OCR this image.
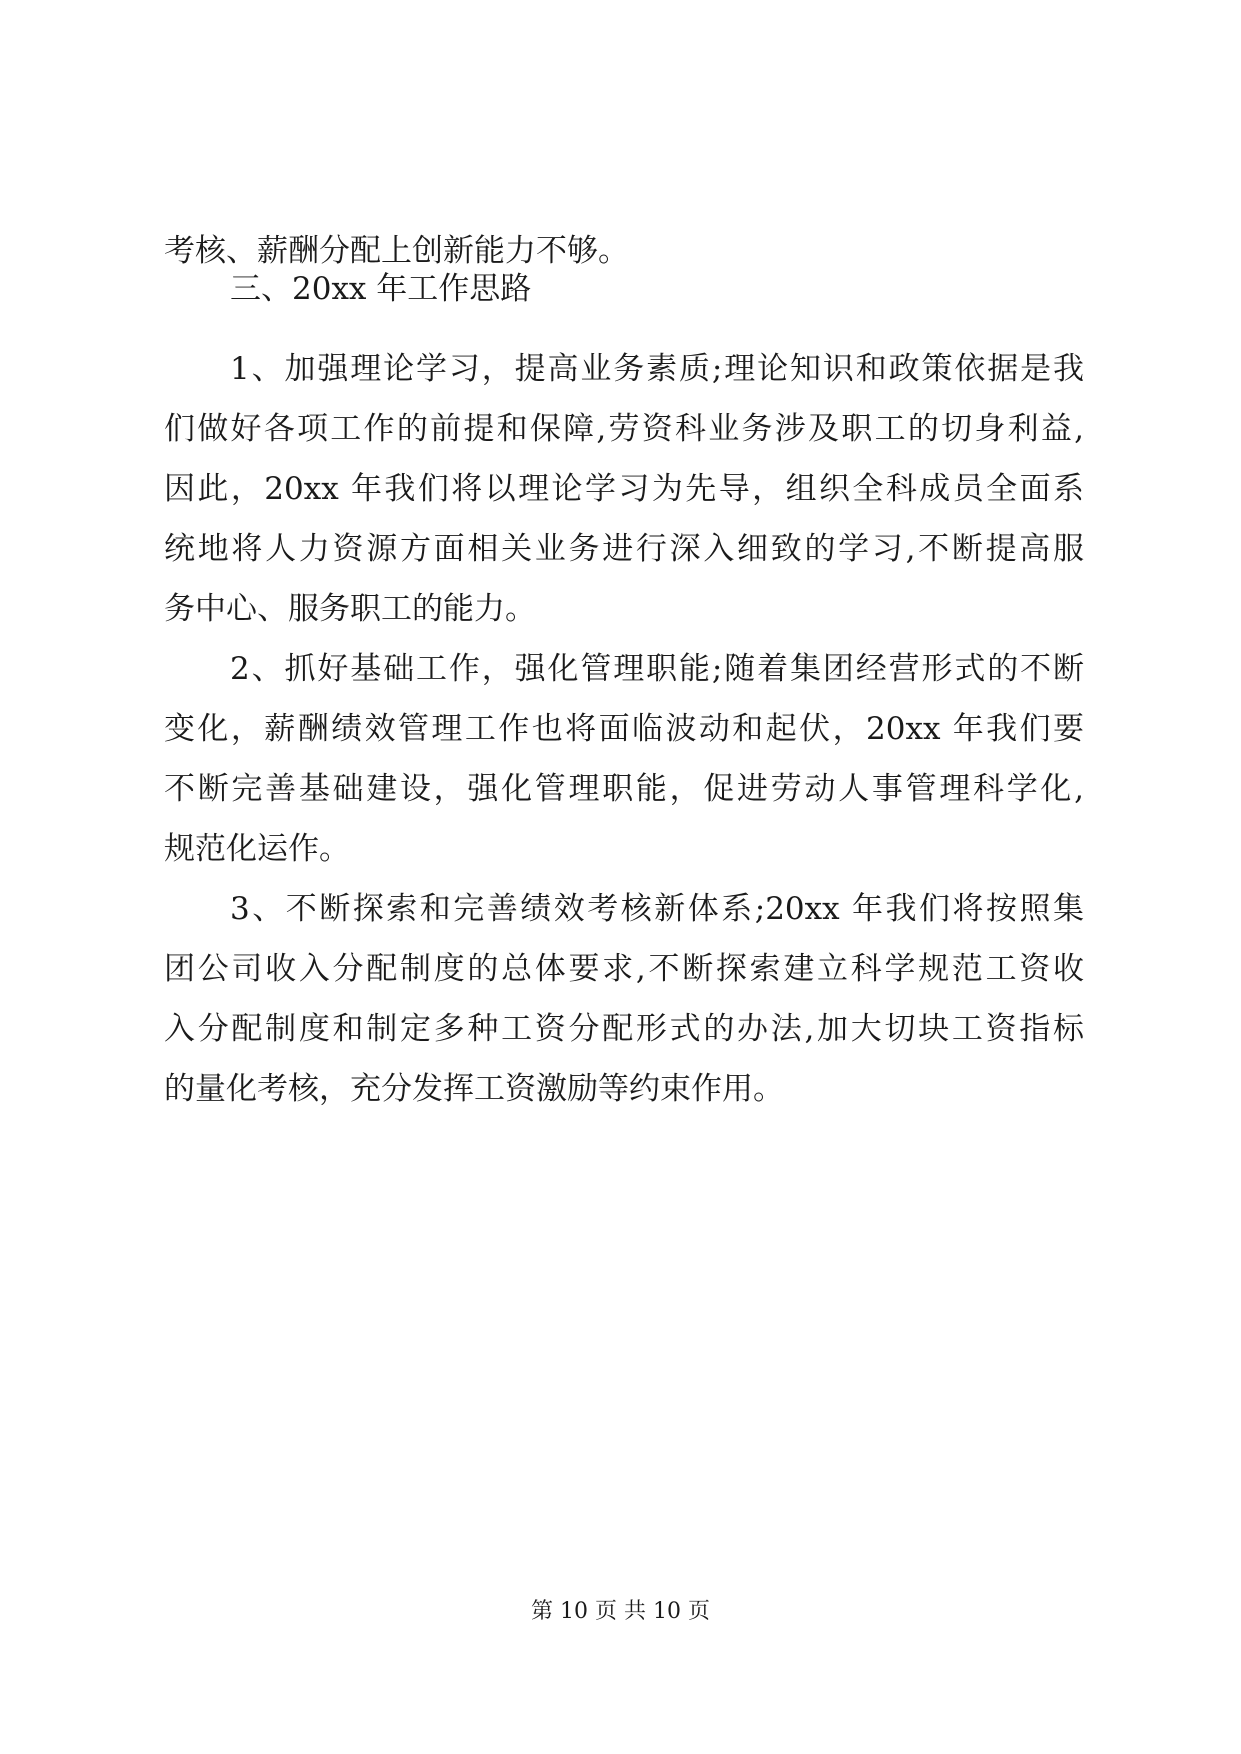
考核、薪酬分配上创新能力不够。
三、20xx 年工作思路
1、加强理论学习，提高业务素质;理论知识和政策依据是我
们做好各项工作的前提和保障,劳资科业务涉及职工的切身利益,
因此，20xx 年我们将以理论学习为先导，组织全科成员全面系
统地将人力资源方面相关业务进行深入细致的学习,不断提高服
务中心、服务职工的能力。
2、抓好基础工作，强化管理职能;随着集团经营形式的不断
变化，薪酬绩效管理工作也将面临波动和起伏，20xx 年我们要
不断完善基础建设，强化管理职能，促进劳动人事管理科学化,
规范化运作。
3、不断探索和完善绩效考核新体系;20xx 年我们将按照集
团公司收入分配制度的总体要求,不断探索建立科学规范工资收
入分配制度和制定多种工资分配形式的办法,加大切块工资指标
的量化考核，充分发挥工资激励等约束作用。
第 10 页 共 10 页
